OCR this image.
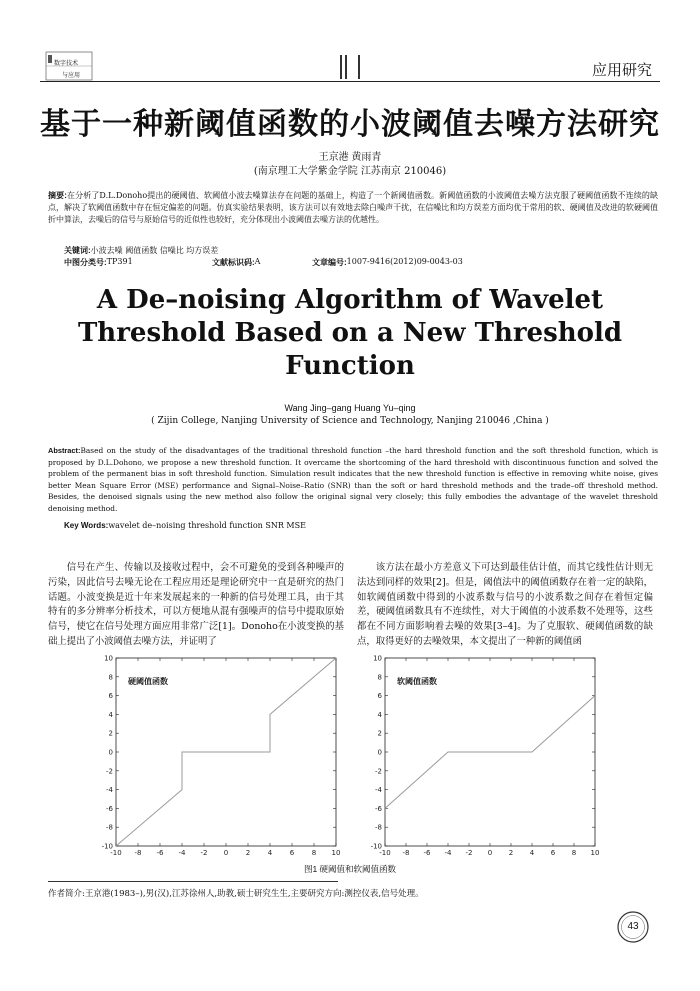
数字技术
与应用	应用研究
基于一种新阈值函数的小波阈值去噪方法研究
王京港 黄雨青
(南京理工大学紫金学院 江苏南京 210046)

摘要:在分析了D.L.Donoho提出的硬阈值、软阈值小波去噪算法存在问题的基础上，构造了一个新阈值函数。新阈值函数的小波阈值去噪方法克服了硬阈值函数不连续的缺点，解决了软阈值函数中存在恒定偏差的问题。仿真实验结果表明，该方法可以有效地去除白噪声干扰，在信噪比和均方误差方面均优于常用的软、硬阈值及改进的软硬阈值折中算法，去噪后的信号与原始信号的近似性也较好，充分体现出小波阈值去噪方法的优越性。

关键词:小波去噪 阈值函数 信噪比 均方误差
中图分类号: TP391	文献标识码: A	文章编号: 1007-9416(2012)09-0043-03
A De–noising Algorithm of Wavelet
Threshold Based on a New Threshold
Function
Wang Jing–gang Huang Yu–qing
( Zijin College, Nanjing University of Science and Technology, Nanjing 210046 ,China )

Abstract:Based on the study of the disadvantages of the traditional threshold function –the hard threshold function and the soft threshold function, which is proposed by D.L.Dohono, we propose a new threshold function. It overcame the shortcoming of the hard threshold with discontinuous function and solved the problem of the permanent bias in soft threshold function. Simulation result indicates that the new threshold function is effective in removing white noise, gives better Mean Square Error (MSE) performance and Signal–Noise–Ratio (SNR) than the soft or hard threshold methods and the trade–off threshold method. Besides, the denoised signals using the new method also follow the original signal very closely; this fully embodies the advantage of the wavelet threshold denoising method.

Key Words:wavelet de–noising threshold function SNR MSE

信号在产生、传输以及接收过程中，会不可避免的受到各种噪声的污染，因此信号去噪无论在工程应用还是理论研究中一直是研究的热门话题。小波变换是近十年来发展起来的一种新的信号处理工具，由于其特有的多分辨率分析技术，可以方便地从混有强噪声的信号中提取原始信号，使它在信号处理方面应用非常广泛[1]。Donoho在小波变换的基础上提出了小波阈值去噪方法，并证明了

该方法在最小方差意义下可达到最佳估计值，而其它线性估计则无法达到同样的效果[2]。但是，阈值法中的阈值函数存在着一定的缺陷，如软阈值函数中得到的小波系数与信号的小波系数之间存在着恒定偏差，硬阈值函数具有不连续性，对大于阈值的小波系数不处理等，这些都在不同方面影响着去噪的效果[3–4]。为了克服软、硬阈值函数的缺点，取得更好的去噪效果，本文提出了一种新的阈值函

-10 -8 -6 -4 -2 0	2	4	6	8 10
10
8
6
4
2
0
-2
-4
-6
-8
-10
硬阈值函数
-10 -8 -6 -4 -2 0 2 4 6 8 10
10
8
6
4
2
0
-2
-4
-6
-8
-10
软阈值函数
图1 硬阈值和软阈值函数
作者简介:王京港(1983–),男(汉),江苏徐州人,助教,硕士研究生生,主要研究方向:测控仪表,信号处理。
43
